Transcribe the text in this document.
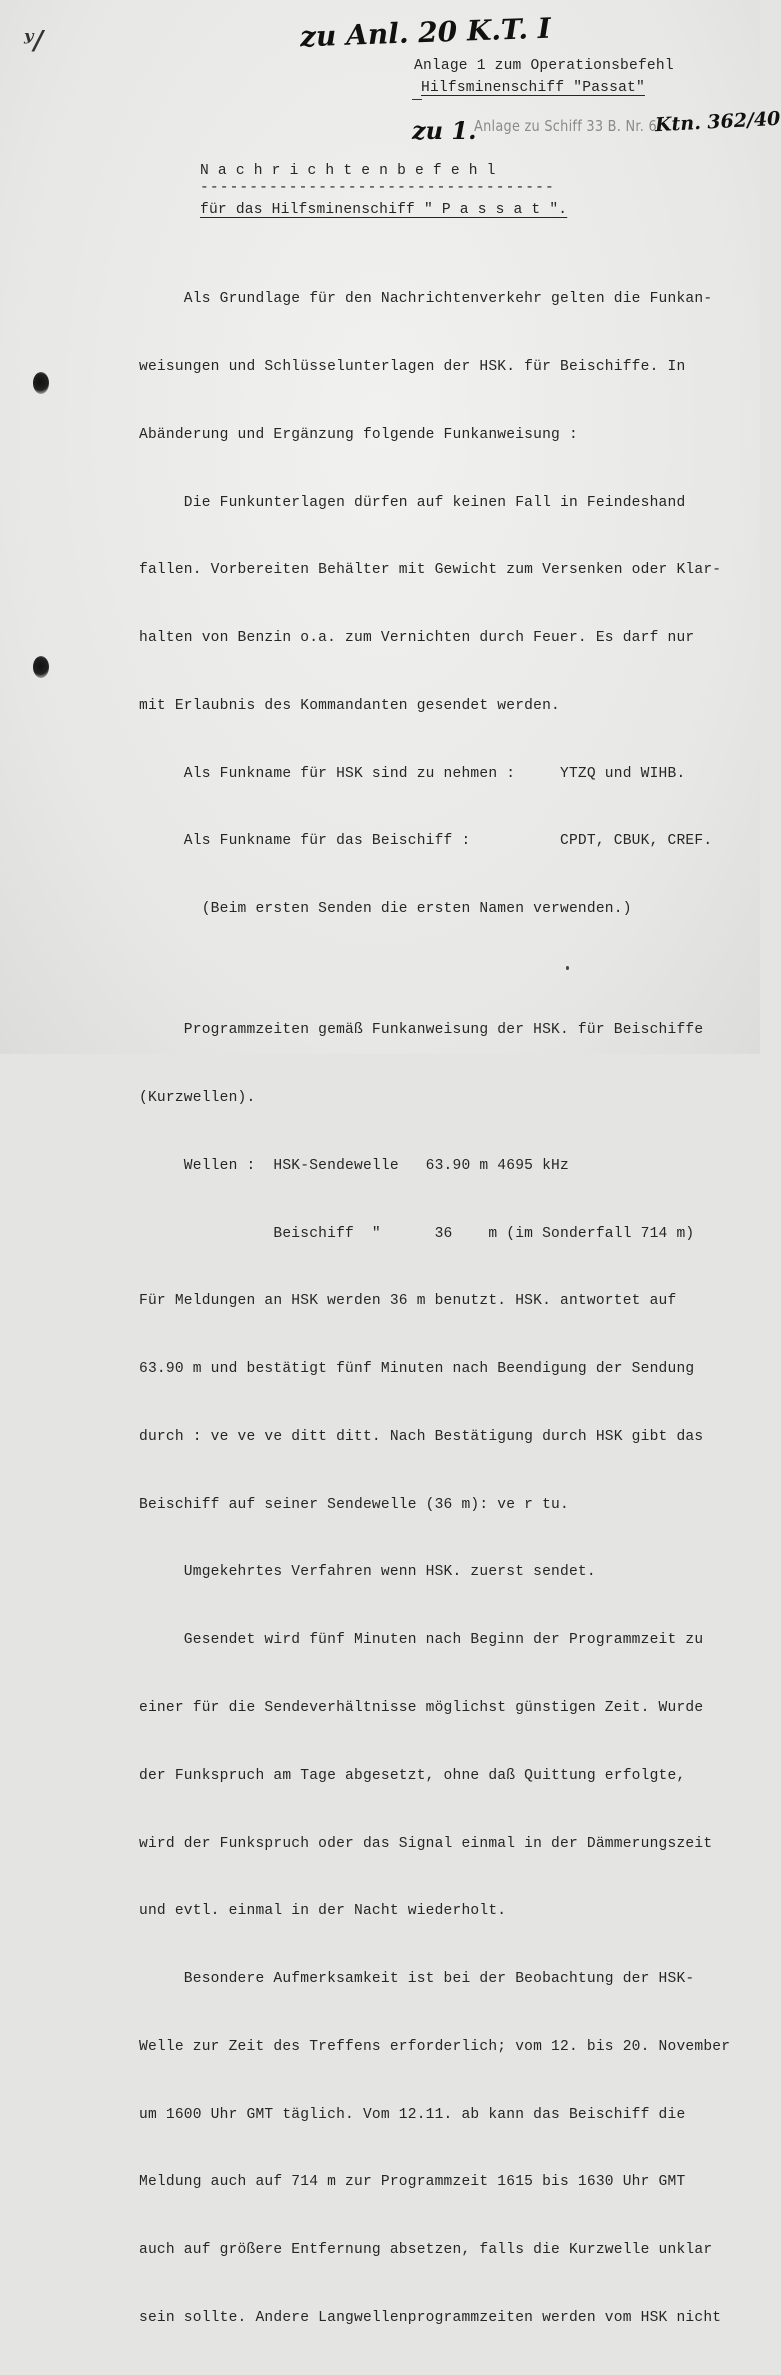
ʸ/	zu Anl. 20 K.T. I
Anlage 1 zum Operationsbefehl
Hilfsminenschiff "Passat"
zu 1.
Anlage zu Schiff 33 B. Nr. 6
Ktn. 362/40
N a c h r i c h t e n b e f e h l
------------------------------------
für das Hilfsminenschiff " P a s s a t ".

Als Grundlage für den Nachrichtenverkehr gelten die Funkan-

weisungen und Schlüsselunterlagen der HSK. für Beischiffe. In

Abänderung und Ergänzung folgende Funkanweisung :

Die Funkunterlagen dürfen auf keinen Fall in Feindeshand

fallen. Vorbereiten Behälter mit Gewicht zum Versenken oder Klar-

halten von Benzin o.a. zum Vernichten durch Feuer. Es darf nur

mit Erlaubnis des Kommandanten gesendet werden.

Als Funkname für HSK sind zu nehmen :     YTZQ und WIHB.

Als Funkname für das Beischiff :          CPDT, CBUK, CREF.

(Beim ersten Senden die ersten Namen verwenden.)

Programmzeiten gemäß Funkanweisung der HSK. für Beischiffe

(Kurzwellen).

Wellen :  HSK-Sendewelle   63.90 m 4695 kHz

Beischiff  "      36    m (im Sonderfall 714 m)

Für Meldungen an HSK werden 36 m benutzt. HSK. antwortet auf

63.90 m und bestätigt fünf Minuten nach Beendigung der Sendung

durch : ve ve ve ditt ditt. Nach Bestätigung durch HSK gibt das

Beischiff auf seiner Sendewelle (36 m): ve r tu.

Umgekehrtes Verfahren wenn HSK. zuerst sendet.

Gesendet wird fünf Minuten nach Beginn der Programmzeit zu

einer für die Sendeverhältnisse möglichst günstigen Zeit. Wurde

der Funkspruch am Tage abgesetzt, ohne daß Quittung erfolgte,

wird der Funkspruch oder das Signal einmal in der Dämmerungszeit

und evtl. einmal in der Nacht wiederholt.

Besondere Aufmerksamkeit ist bei der Beobachtung der HSK-

Welle zur Zeit des Treffens erforderlich; vom 12. bis 20. November

um 1600 Uhr GMT täglich. Vom 12.11. ab kann das Beischiff die

Meldung auch auf 714 m zur Programmzeit 1615 bis 1630 Uhr GMT

auch auf größere Entfernung absetzen, falls die Kurzwelle unklar

sein sollte. Andere Langwellenprogrammzeiten werden vom HSK nicht
